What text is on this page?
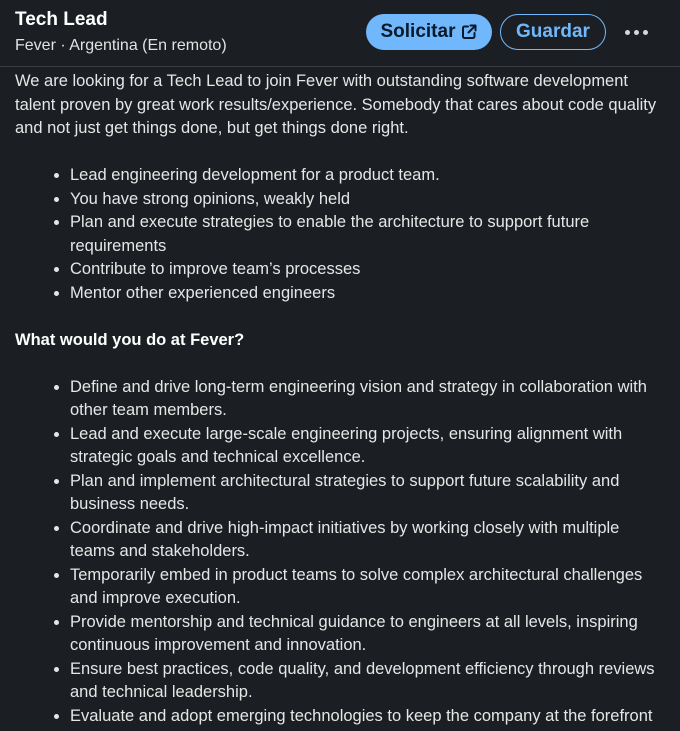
Tech Lead
Fever · Argentina (En remoto)
Solicitar	Guardar

We are looking for a Tech Lead to join Fever with outstanding software development talent proven by great work results/experience. Somebody that cares about code quality and not just get things done, but get things done right.

• Lead engineering development for a product team.
• You have strong opinions, weakly held
• Plan and execute strategies to enable the architecture to support future requirements
• Contribute to improve team’s processes
• Mentor other experienced engineers

What would you do at Fever?

• Define and drive long-term engineering vision and strategy in collaboration with other team members.
• Lead and execute large-scale engineering projects, ensuring alignment with strategic goals and technical excellence.
• Plan and implement architectural strategies to support future scalability and business needs.
• Coordinate and drive high-impact initiatives by working closely with multiple teams and stakeholders.
• Temporarily embed in product teams to solve complex architectural challenges and improve execution.
• Provide mentorship and technical guidance to engineers at all levels, inspiring continuous improvement and innovation.
• Ensure best practices, code quality, and development efficiency through reviews and technical leadership.
• Evaluate and adopt emerging technologies to keep the company at the forefront
